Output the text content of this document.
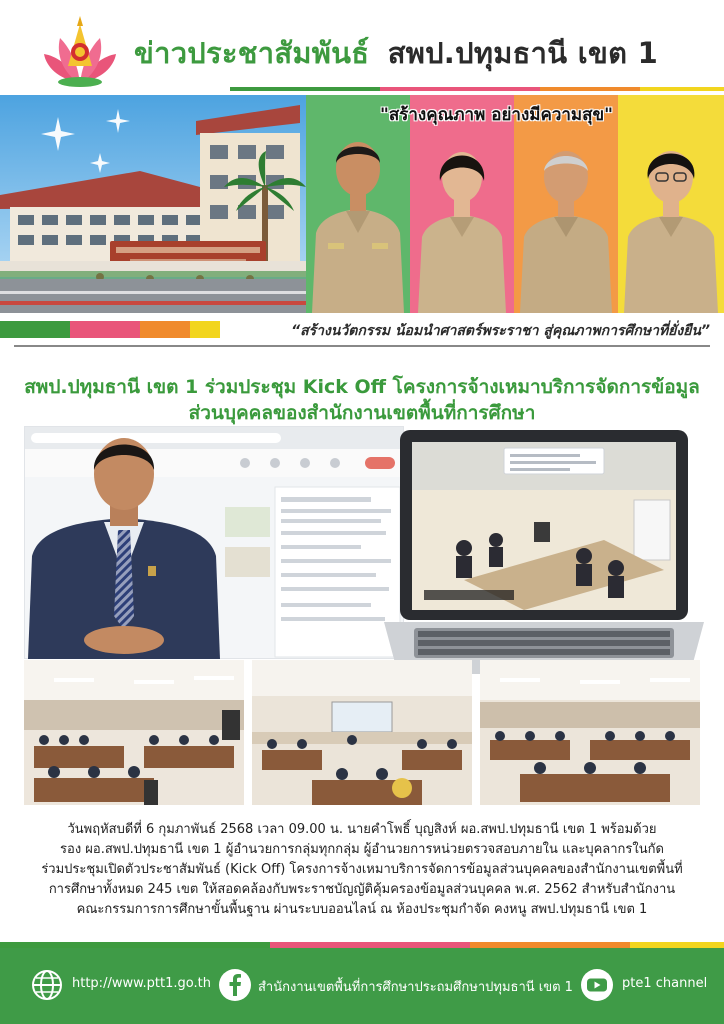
ข่าวประชาสัมพันธ์ สพป.ปทุมธานี เขต 1
"สร้างคุณภาพ อย่างมีความสุข"
“สร้างนวัตกรรม น้อมนำศาสตร์พระราชา สู่คุณภาพการศึกษาที่ยั่งยืน”
สพป.ปทุมธานี เขต 1 ร่วมประชุม Kick Off โครงการจ้างเหมาบริการจัดการข้อมูล
ส่วนบุคคลของสำนักงานเขตพื้นที่การศึกษา
วันพฤหัสบดีที่ 6 กุมภาพันธ์ 2568 เวลา 09.00 น. นายคำโพธิ์ บุญสิงห์ ผอ.สพป.ปทุมธานี เขต 1 พร้อมด้วย
รอง ผอ.สพป.ปทุมธานี เขต 1 ผู้อำนวยการกลุ่มทุกกลุ่ม ผู้อำนวยการหน่วยตรวจสอบภายใน และบุคลากรในกัด
ร่วมประชุมเปิดตัวประชาสัมพันธ์ (Kick Off) โครงการจ้างเหมาบริการจัดการข้อมูลส่วนบุคคลของสำนักงานเขตพื้นที่
การศึกษาทั้งหมด 245 เขต ให้สอดคล้องกับพระราชบัญญัติคุ้มครองข้อมูลส่วนบุคคล พ.ศ. 2562 สำหรับสำนักงาน
คณะกรรมการการศึกษาขั้นพื้นฐาน ผ่านระบบออนไลน์ ณ ห้องประชุมกำจัด คงหนู สพป.ปทุมธานี เขต 1
http://www.ptt1.go.th	สำนักงานเขตพื้นที่การศึกษาประถมศึกษาปทุมธานี เขต 1	pte1 channel
